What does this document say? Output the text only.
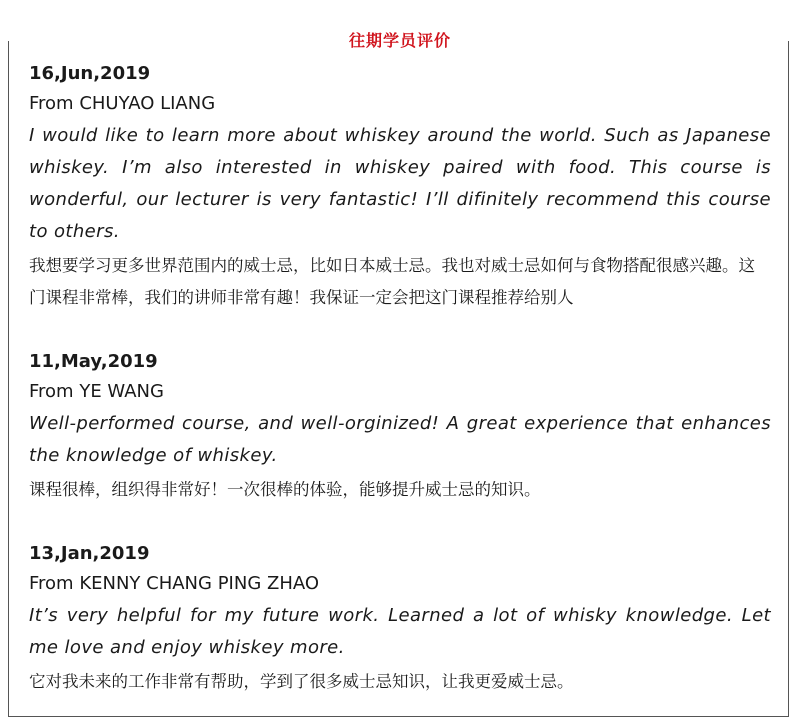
往期学员评价
16,Jun,2019
From CHUYAO LIANG
I would like to learn more about whiskey around the world. Such as Japanese whiskey. I’m also interested in whiskey paired with food. This course is wonderful, our lecturer is very fantastic! I’ll difinitely recommend this course to others.
我想要学习更多世界范围内的威士忌，比如日本威士忌。我也对威士忌如何与食物搭配很感兴趣。这门课程非常棒，我们的讲师非常有趣！我保证一定会把这门课程推荐给别人
11,May,2019
From YE WANG
Well-performed course, and well-orginized! A great experience that enhances the knowledge of whiskey.
课程很棒，组织得非常好！一次很棒的体验，能够提升威士忌的知识。
13,Jan,2019
From KENNY CHANG PING ZHAO
It’s very helpful for my future work. Learned a lot of whisky knowledge. Let me love and enjoy whiskey more.
它对我未来的工作非常有帮助，学到了很多威士忌知识，让我更爱威士忌。
